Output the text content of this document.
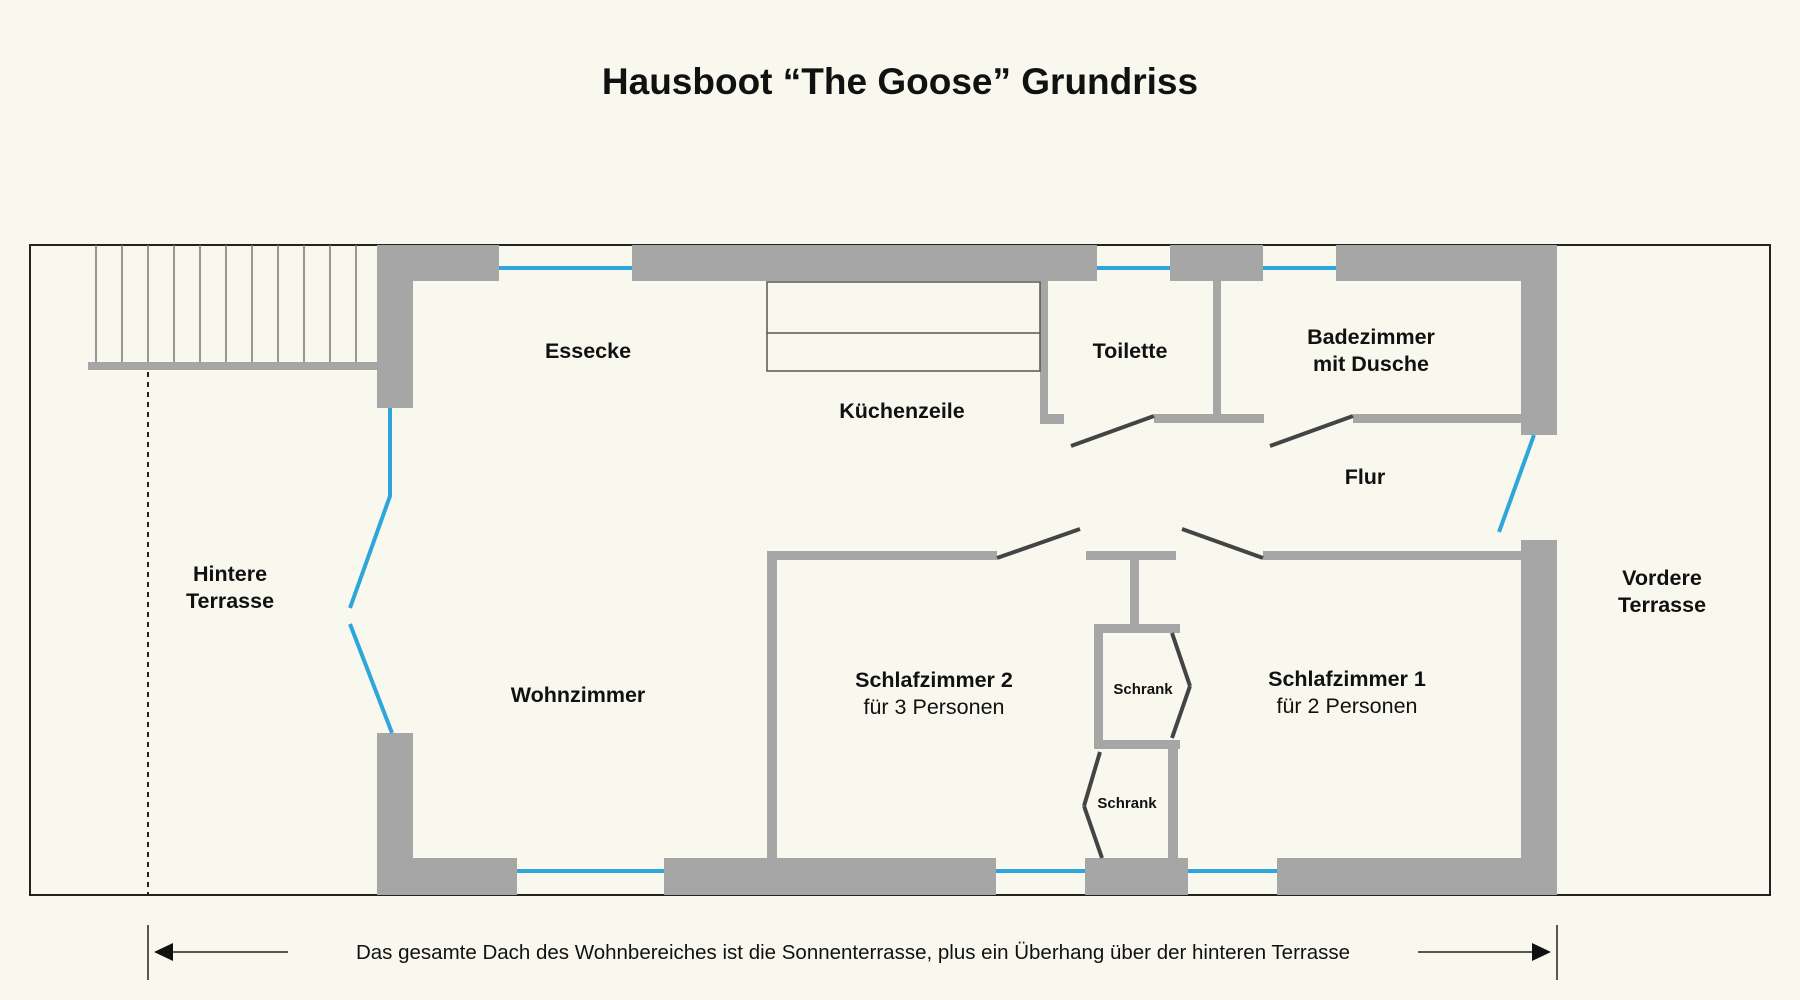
Hausboot “The Goose” Grundriss
Essecke
Küchenzeile
Toilette
Badezimmer
mit Dusche
Flur
Hintere
Terrasse
Vordere
Terrasse
Wohnzimmer
Schlafzimmer 2
für 3 Personen
Schlafzimmer 1
für 2 Personen
Schrank
Schrank
Das gesamte Dach des Wohnbereiches ist die Sonnenterrasse, plus ein Überhang über der hinteren Terrasse
